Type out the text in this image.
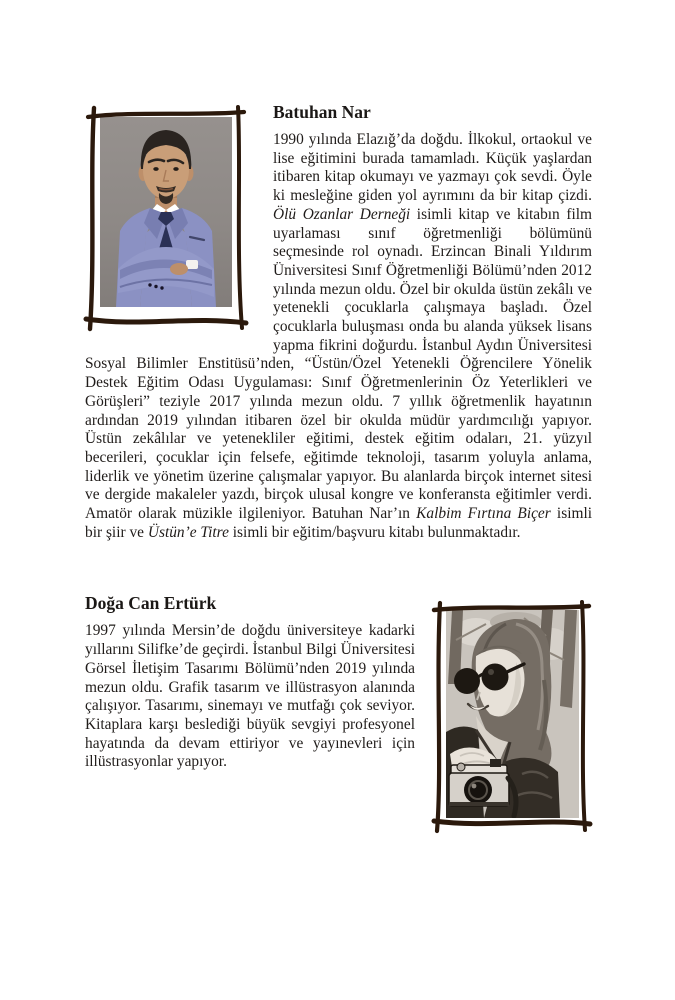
Batuhan Nar

1990 yılında Elazığ’da doğdu. İlkokul, ortaokul ve lise eğitimini burada tamamladı. Küçük yaşlardan itibaren kitap okumayı ve yazmayı çok sevdi. Öyle ki mesleğine giden yol ayrımını da bir kitap çizdi. Ölü Ozanlar Derneği isimli kitap ve kitabın film uyarlaması sınıf öğretmenliği bölümünü seçmesinde rol oynadı. Erzincan Binali Yıldırım Üniversitesi Sınıf Öğretmenliği Bölümü’nden 2012 yılında mezun oldu. Özel bir okulda üstün zekâlı ve yetenekli çocuklarla çalışmaya başladı. Özel çocuklarla buluşması onda bu alanda yüksek lisans yapma fikrini doğurdu. İstanbul Aydın Üniversitesi Sosyal Bilimler Enstitüsü’nden, “Üstün/Özel Yetenekli Öğrencilere Yönelik Destek Eğitim Odası Uygulaması: Sınıf Öğretmenlerinin Öz Yeterlikleri ve Görüşleri” teziyle 2017 yılında mezun oldu. 7 yıllık öğretmenlik hayatının ardından 2019 yılından itibaren özel bir okulda müdür yardımcılığı yapıyor. Üstün zekâlılar ve yetenekliler eğitimi, destek eğitim odaları, 21. yüzyıl becerileri, çocuklar için felsefe, eğitimde teknoloji, tasarım yoluyla anlama, liderlik ve yönetim üzerine çalışmalar yapıyor. Bu alanlarda birçok internet sitesi ve dergide makaleler yazdı, birçok ulusal kongre ve konferansta eğitimler verdi. Amatör olarak müzikle ilgileniyor. Batuhan Nar’ın Kalbim Fırtına Biçer isimli bir şiir ve Üstün’e Titre isimli bir eğitim/başvuru kitabı bulunmaktadır.

Doğa Can Ertürk

1997 yılında Mersin’de doğdu üniversiteye kadarki yıllarını Silifke’de geçirdi. İstanbul Bilgi Üniversitesi Görsel İletişim Tasarımı Bölümü’nden 2019 yılında mezun oldu. Grafik tasarım ve illüstrasyon alanında çalışıyor. Tasarımı, sinemayı ve mutfağı çok seviyor. Kitaplara karşı beslediği büyük sevgiyi profesyonel hayatında da devam ettiriyor ve yayınevleri için illüstrasyonlar yapıyor.
